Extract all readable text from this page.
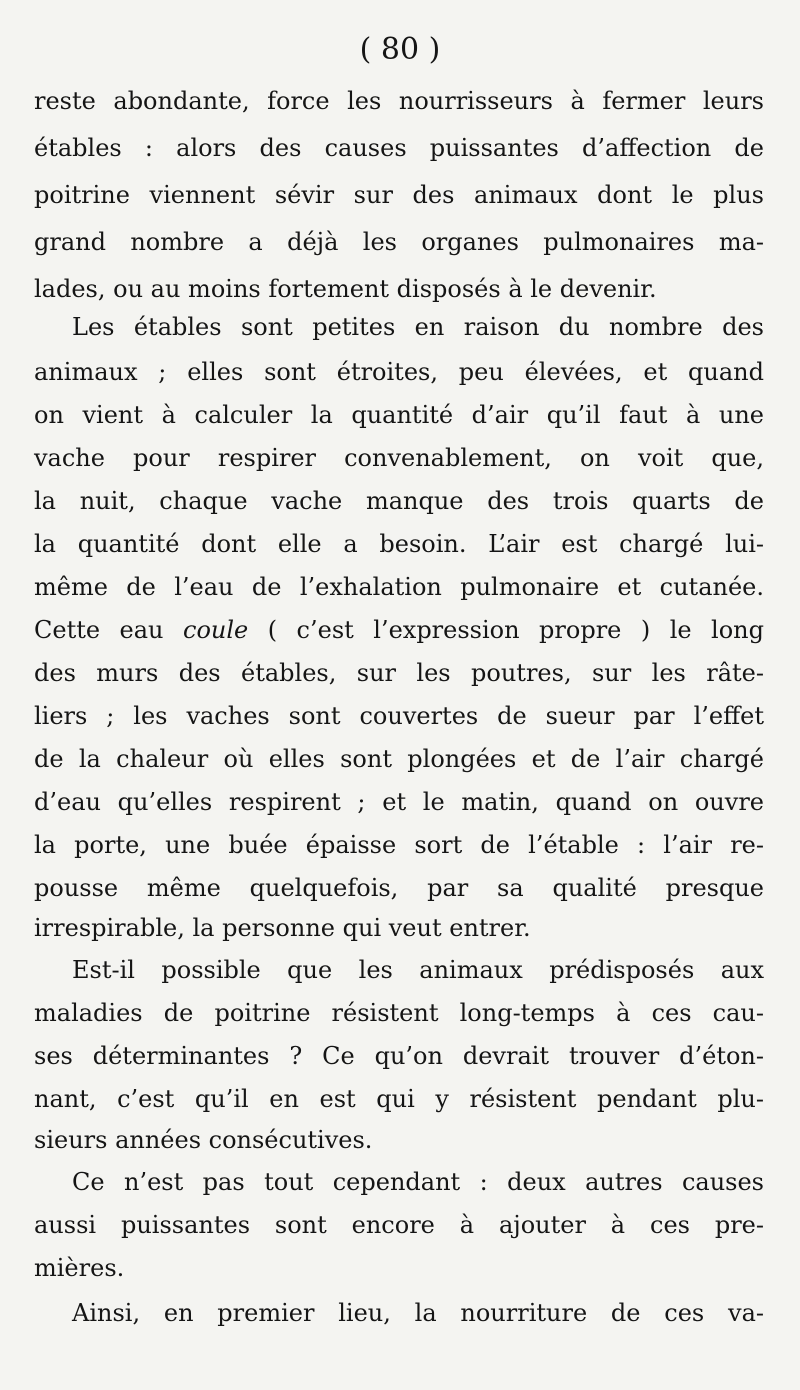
( 80 )
reste abondante, force les nourrisseurs à fermer leurs
étables : alors des causes puissantes d’affection de
poitrine viennent sévir sur des animaux dont le plus
grand nombre a déjà les organes pulmonaires ma-
lades, ou au moins fortement disposés à le devenir.
Les étables sont petites en raison du nombre des
animaux ; elles sont étroites, peu élevées, et quand
on vient à calculer la quantité d’air qu’il faut à une
vache pour respirer convenablement, on voit que,
la nuit, chaque vache manque des trois quarts de
la quantité dont elle a besoin. L’air est chargé lui-
même de l’eau de l’exhalation pulmonaire et cutanée.
Cette eau coule ( c’est l’expression propre ) le long
des murs des étables, sur les poutres, sur les râte-
liers ; les vaches sont couvertes de sueur par l’effet
de la chaleur où elles sont plongées et de l’air chargé
d’eau qu’elles respirent ; et le matin, quand on ouvre
la porte, une buée épaisse sort de l’étable : l’air re-
pousse même quelquefois, par sa qualité presque
irrespirable, la personne qui veut entrer.
Est-il possible que les animaux prédisposés aux
maladies de poitrine résistent long-temps à ces cau-
ses déterminantes ? Ce qu’on devrait trouver d’éton-
nant, c’est qu’il en est qui y résistent pendant plu-
sieurs années consécutives.
Ce n’est pas tout cependant : deux autres causes
aussi puissantes sont encore à ajouter à ces pre-
mières.
Ainsi, en premier lieu, la nourriture de ces va-
